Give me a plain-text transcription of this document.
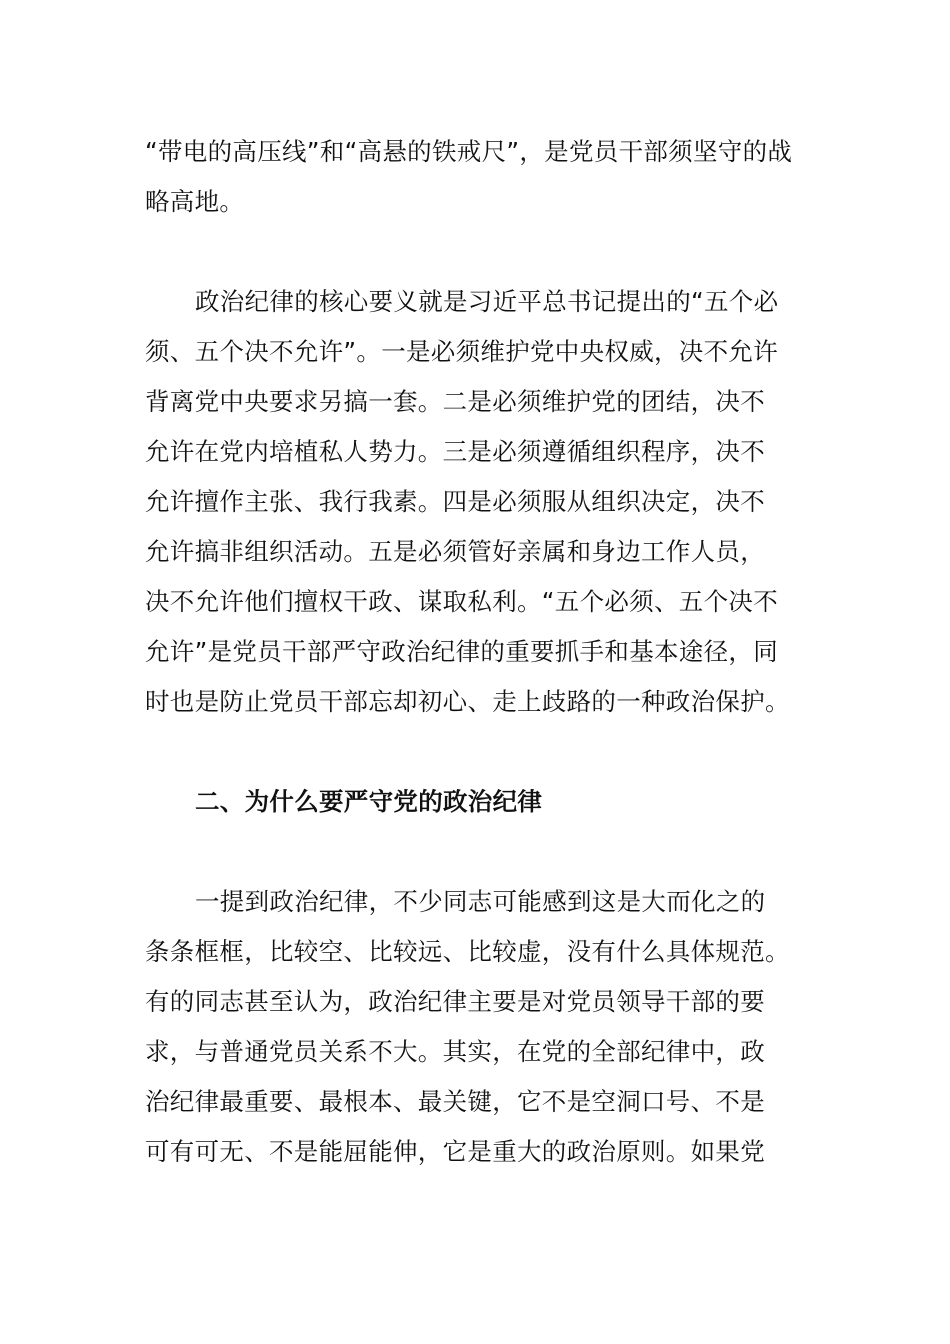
“带电的高压线”和“高悬的铁戒尺”，是党员干部须坚守的战
略高地。
政治纪律的核心要义就是习近平总书记提出的“五个必
须、五个决不允许”。一是必须维护党中央权威，决不允许
背离党中央要求另搞一套。二是必须维护党的团结，决不
允许在党内培植私人势力。三是必须遵循组织程序，决不
允许擅作主张、我行我素。四是必须服从组织决定，决不
允许搞非组织活动。五是必须管好亲属和身边工作人员，
决不允许他们擅权干政、谋取私利。“五个必须、五个决不
允许”是党员干部严守政治纪律的重要抓手和基本途径，同
时也是防止党员干部忘却初心、走上歧路的一种政治保护。
二、为什么要严守党的政治纪律
一提到政治纪律，不少同志可能感到这是大而化之的
条条框框，比较空、比较远、比较虚，没有什么具体规范。
有的同志甚至认为，政治纪律主要是对党员领导干部的要
求，与普通党员关系不大。其实，在党的全部纪律中，政
治纪律最重要、最根本、最关键，它不是空洞口号、不是
可有可无、不是能屈能伸，它是重大的政治原则。如果党
